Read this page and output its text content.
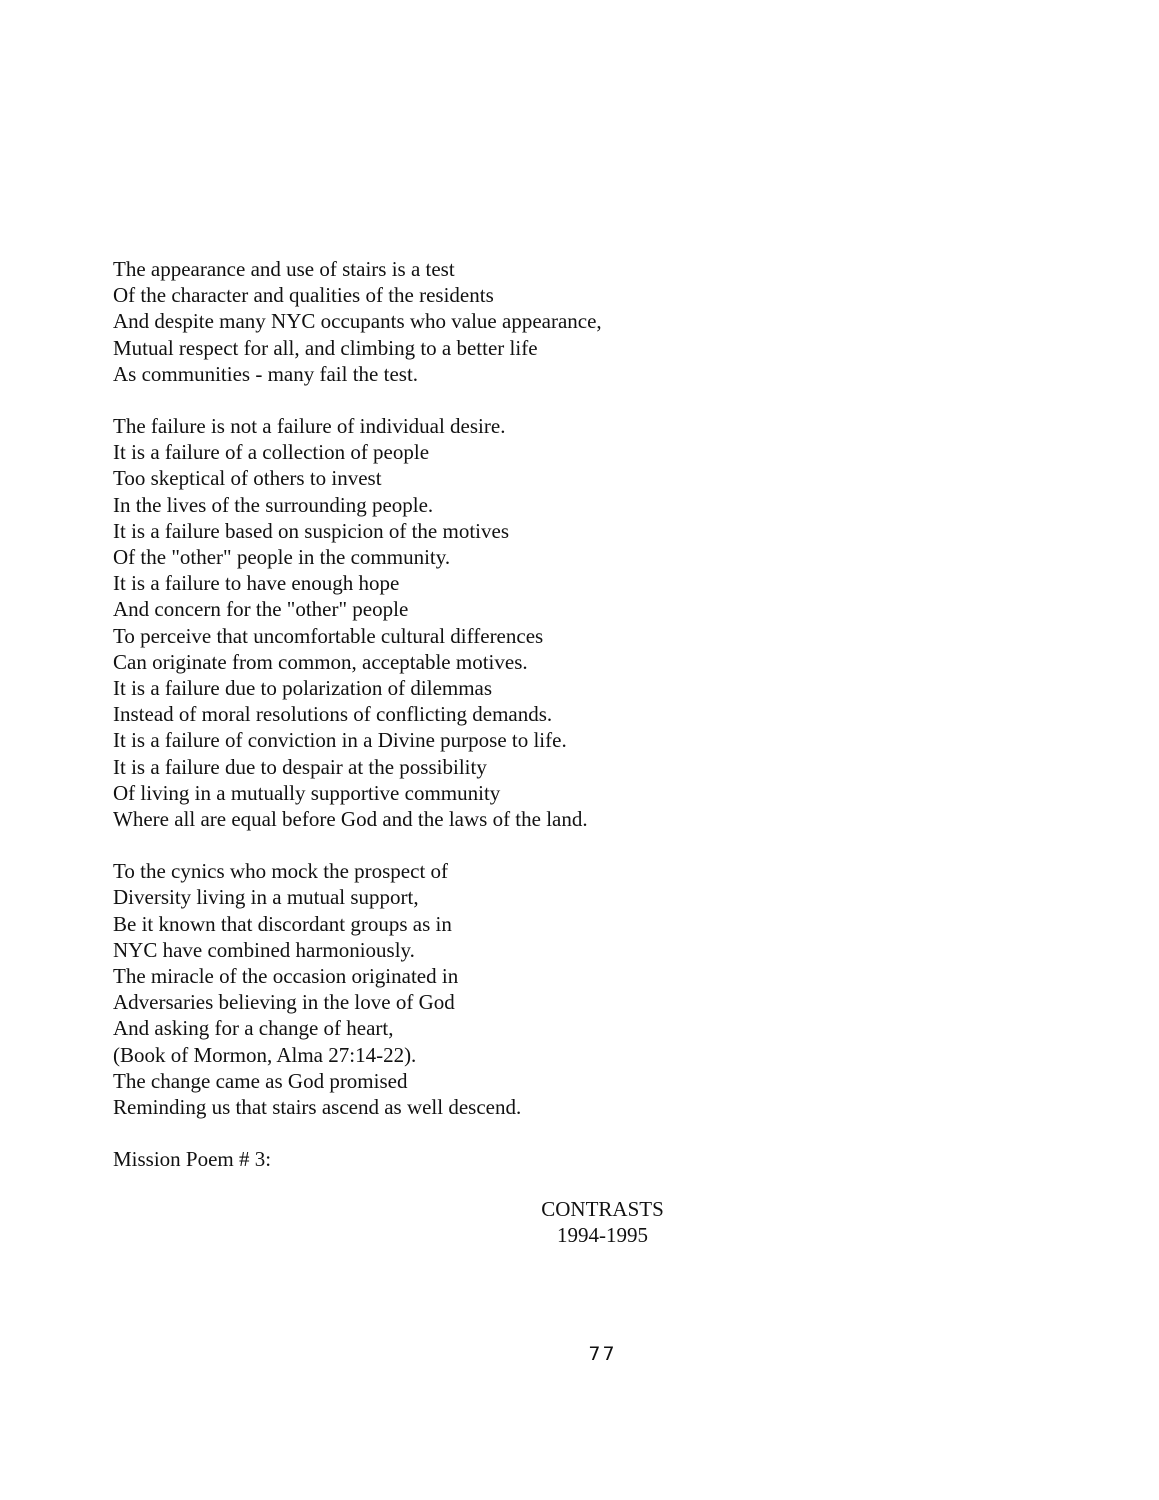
The appearance and use of stairs is a test
Of the character and qualities of the residents
And despite many NYC occupants who value appearance,
Mutual respect for all, and climbing to a better life
As communities - many fail the test.
The failure is not a failure of individual desire.
It is a failure of a collection of people
Too skeptical of others to invest
In the lives of the surrounding people.
It is a failure based on suspicion of the motives
Of the "other" people in the community.
It is a failure to have enough hope
And concern for the "other" people
To perceive that uncomfortable cultural differences
Can originate from common, acceptable motives.
It is a failure due to polarization of dilemmas
Instead of moral resolutions of conflicting demands.
It is a failure of conviction in a Divine purpose to life.
It is a failure due to despair at the possibility
Of living in a mutually supportive community
Where all are equal before God and the laws of the land.
To the cynics who mock the prospect of
Diversity living in a mutual support,
Be it known that discordant groups as in
NYC have combined harmoniously.
The miracle of the occasion originated in
Adversaries believing in the love of God
And asking for a change of heart,
(Book of Mormon, Alma 27:14-22).
The change came as God promised
Reminding us that stairs ascend as well descend.
Mission Poem # 3:
CONTRASTS
1994-1995
77
